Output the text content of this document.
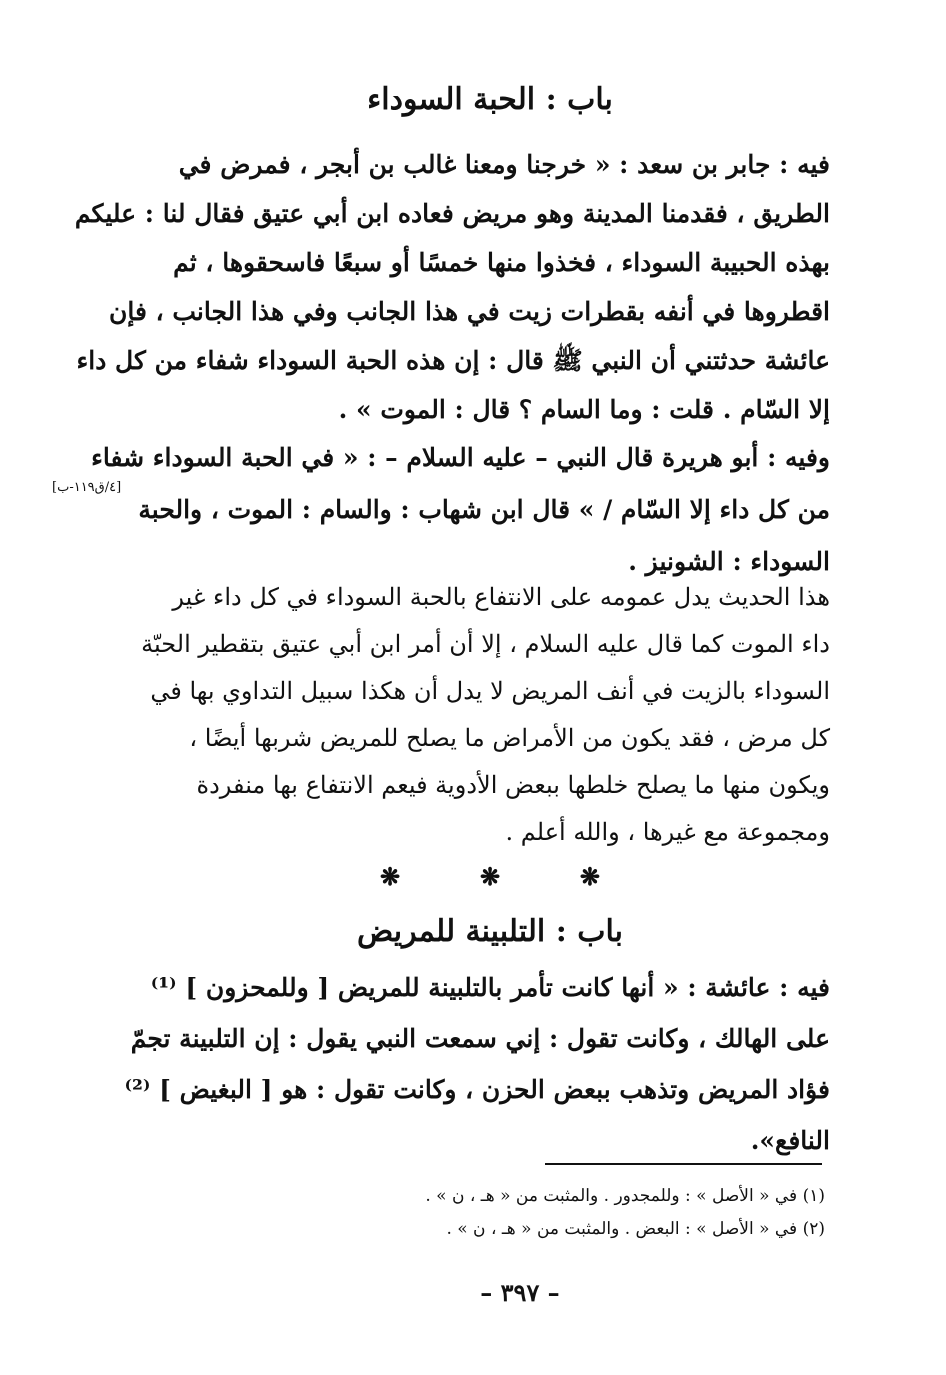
باب : الحبة السوداء
فيه : جابر بن سعد : « خرجنا ومعنا غالب بن أبجر ، فمرض في
الطريق ، فقدمنا المدينة وهو مريض فعاده ابن أبي عتيق فقال لنا : عليكم
بهذه الحبيبة السوداء ، فخذوا منها خمسًا أو سبعًا فاسحقوها ، ثم
اقطروها في أنفه بقطرات زيت في هذا الجانب وفي هذا الجانب ، فإن
عائشة حدثتني أن النبي ﷺ قال : إن هذه الحبة السوداء شفاء من كل داء
إلا السّام . قلت : وما السام ؟ قال : الموت » .
وفيه : أبو هريرة قال النبي – عليه السلام – : « في الحبة السوداء شفاء
من كل داء إلا السّام / » قال ابن شهاب : والسام : الموت ، والحبة
السوداء : الشونيز .
[٤/ق١١٩-ب]
هذا الحديث يدل عمومه على الانتفاع بالحبة السوداء في كل داء غير
داء الموت كما قال عليه السلام ، إلا أن أمر ابن أبي عتيق بتقطير الحبّة
السوداء بالزيت في أنف المريض لا يدل أن هكذا سبيل التداوي بها في
كل مرض ، فقد يكون من الأمراض ما يصلح للمريض شربها أيضًا ،
ويكون منها ما يصلح خلطها ببعض الأدوية فيعم الانتفاع بها منفردة
ومجموعة مع غيرها ، والله أعلم .
❋	❋	❋
باب : التلبينة للمريض
فيه : عائشة : « أنها كانت تأمر بالتلبينة للمريض [ وللمحزون ] ⁽¹⁾
على الهالك ، وكانت تقول : إني سمعت النبي يقول : إن التلبينة تجمّ
فؤاد المريض وتذهب ببعض الحزن ، وكانت تقول : هو [ البغيض ] ⁽²⁾
النافع».
(١) في « الأصل » : وللمجدور . والمثبت من « هـ ، ن » .
(٢) في « الأصل » : البعض . والمثبت من « هـ ، ن » .
– ٣٩٧ –
